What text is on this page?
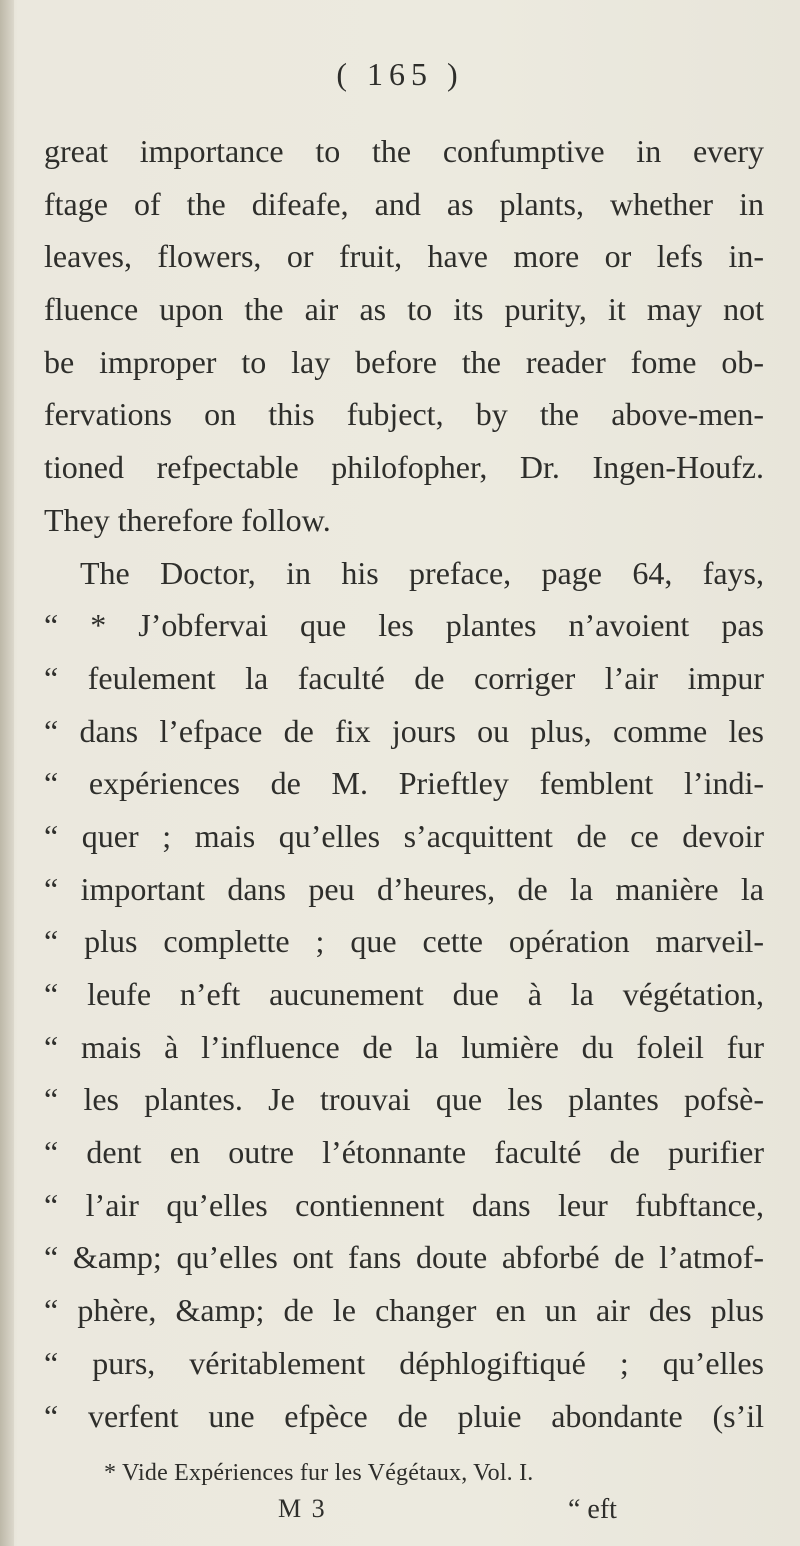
( 165 )
great importance to the confumptive in every
ftage of the difeafe, and as plants, whether in
leaves, flowers, or fruit, have more or lefs in-
fluence upon the air as to its purity, it may not
be improper to lay before the reader fome ob-
fervations on this fubject, by the above-men-
tioned refpectable philofopher, Dr. Ingen-Houfz.
They therefore follow.
The Doctor, in his preface, page 64, fays,
“ * J’obfervai que les plantes n’avoient pas
“ feulement la faculté de corriger l’air impur
“ dans l’efpace de fix jours ou plus, comme les
“ expériences de M. Prieftley femblent l’indi-
“ quer ; mais qu’elles s’acquittent de ce devoir
“ important dans peu d’heures, de la manière la
“ plus complette ; que cette opération marveil-
“ leufe n’eft aucunement due à la végétation,
“ mais à l’influence de la lumière du foleil fur
“ les plantes. Je trouvai que les plantes pofsè-
“ dent en outre l’étonnante faculté de purifier
“ l’air qu’elles contiennent dans leur fubftance,
“ &amp; qu’elles ont fans doute abforbé de l’atmof-
“ phère, &amp; de le changer en un air des plus
“ purs, véritablement déphlogiftiqué ; qu’elles
“ verfent une efpèce de pluie abondante (s’il
* Vide Expériences fur les Végétaux, Vol. I.
M 3	“ eft
